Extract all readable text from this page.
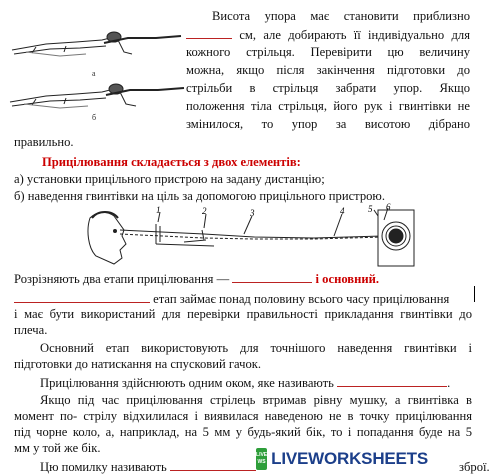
а
б
Висота упора має становити приблизно
см, але добирають її індивідуально для
кожного стрільця. Перевірити цю величину
можна, якщо після закінчення підготовки до
стрільби в стрільця забрати упор. Якщо
положення тіла стрільця, його рук і гвинтівки не
змінилося, то упор за висотою дібрано
правильно.
Прицілювання складається з двох елементів:
а) установки прицільного пристрою на задану дистанцію;
б) наведення гвинтівки на ціль за допомогою прицільного пристрою.
1	2	3	4	5 6
Розрізняють два етапи прицілювання —	і основний.
етап займає понад половину всього часу прицілювання
і має бути використаний для перевірки правильності прикладання гвинтівки до
плеча.
Основний етап використовують для точнішого наведення гвинтівки і
підготовки до натискання на спусковий гачок.
Прицілювання здійснюють одним оком, яке називають	.
Якщо під час прицілювання стрілець втримав рівну мушку, а гвинтівка в
момент по- стрілу відхилилася і виявилася наведеною не в точку прицілювання
під чорне коло, а, наприклад, на 5 мм у будь-який бік, то і попадання буде на 5
мм у той же бік.
Цю помилку називають	зброї.
LIVE
WS LIVEWORKSHEETS
